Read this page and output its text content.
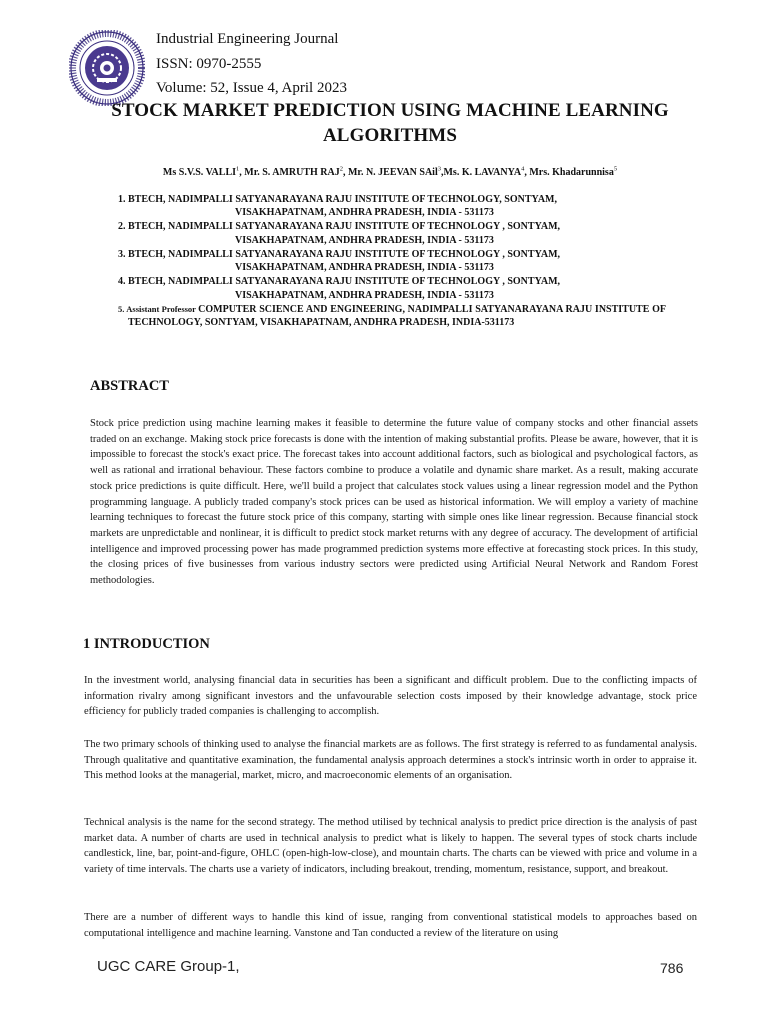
Industrial Engineering Journal
ISSN: 0970-2555
Volume: 52, Issue 4, April 2023
STOCK MARKET PREDICTION USING MACHINE LEARNING
ALGORITHMS
Ms S.V.S. VALLI$^1$, Mr. S. AMRUTH RAJ$^2$, Mr. N. JEEVAN SAil$^3$,Ms. K. LAVANYA$^4$, Mrs. Khadarunnisa$^5$
1. BTECH, NADIMPALLI SATYANARAYANA RAJU INSTITUTE OF TECHNOLOGY, SONTYAM,
VISAKHAPATNAM, ANDHRA PRADESH, INDIA - 531173
2. BTECH, NADIMPALLI SATYANARAYANA RAJU INSTITUTE OF TECHNOLOGY , SONTYAM,
VISAKHAPATNAM, ANDHRA PRADESH, INDIA - 531173
3. BTECH, NADIMPALLI SATYANARAYANA RAJU INSTITUTE OF TECHNOLOGY , SONTYAM,
VISAKHAPATNAM, ANDHRA PRADESH, INDIA - 531173
4. BTECH, NADIMPALLI SATYANARAYANA RAJU INSTITUTE OF TECHNOLOGY , SONTYAM,
VISAKHAPATNAM, ANDHRA PRADESH, INDIA - 531173
5. Assistant Professor COMPUTER SCIENCE AND ENGINEERING, NADIMPALLI SATYANARAYANA RAJU INSTITUTE OF TECHNOLOGY, SONTYAM, VISAKHAPATNAM, ANDHRA PRADESH, INDIA-531173
ABSTRACT
Stock price prediction using machine learning makes it feasible to determine the future value of company stocks and other financial assets traded on an exchange. Making stock price forecasts is done with the intention of making substantial profits. Please be aware, however, that it is impossible to forecast the stock's exact price. The forecast takes into account additional factors, such as biological and psychological factors, as well as rational and irrational behaviour. These factors combine to produce a volatile and dynamic share market. As a result, making accurate stock price predictions is quite difficult. Here, we'll build a project that calculates stock values using a linear regression model and the Python programming language. A publicly traded company's stock prices can be used as historical information. We will employ a variety of machine learning techniques to forecast the future stock price of this company, starting with simple ones like linear regression. Because financial stock markets are unpredictable and nonlinear, it is difficult to predict stock market returns with any degree of accuracy. The development of artificial intelligence and improved processing power has made programmed prediction systems more effective at forecasting stock prices. In this study, the closing prices of five businesses from various industry sectors were predicted using Artificial Neural Network and Random Forest methodologies.
1 INTRODUCTION
In the investment world, analysing financial data in securities has been a significant and difficult problem. Due to the conflicting impacts of information rivalry among significant investors and the unfavourable selection costs imposed by their knowledge advantage, stock price efficiency for publicly traded companies is challenging to accomplish.
The two primary schools of thinking used to analyse the financial markets are as follows. The first strategy is referred to as fundamental analysis. Through qualitative and quantitative examination, the fundamental analysis approach determines a stock's intrinsic worth in order to appraise it. This method looks at the managerial, market, micro, and macroeconomic elements of an organisation.
Technical analysis is the name for the second strategy. The method utilised by technical analysis to predict price direction is the analysis of past market data. A number of charts are used in technical analysis to predict what is likely to happen. The several types of stock charts include candlestick, line, bar, point-and-figure, OHLC (open-high-low-close), and mountain charts. The charts can be viewed with price and volume in a variety of time intervals. The charts use a variety of indicators, including breakout, trending, momentum, resistance, support, and breakout.
There are a number of different ways to handle this kind of issue, ranging from conventional statistical models to approaches based on computational intelligence and machine learning. Vanstone and Tan conducted a review of the literature on using
UGC CARE Group-1,	786
